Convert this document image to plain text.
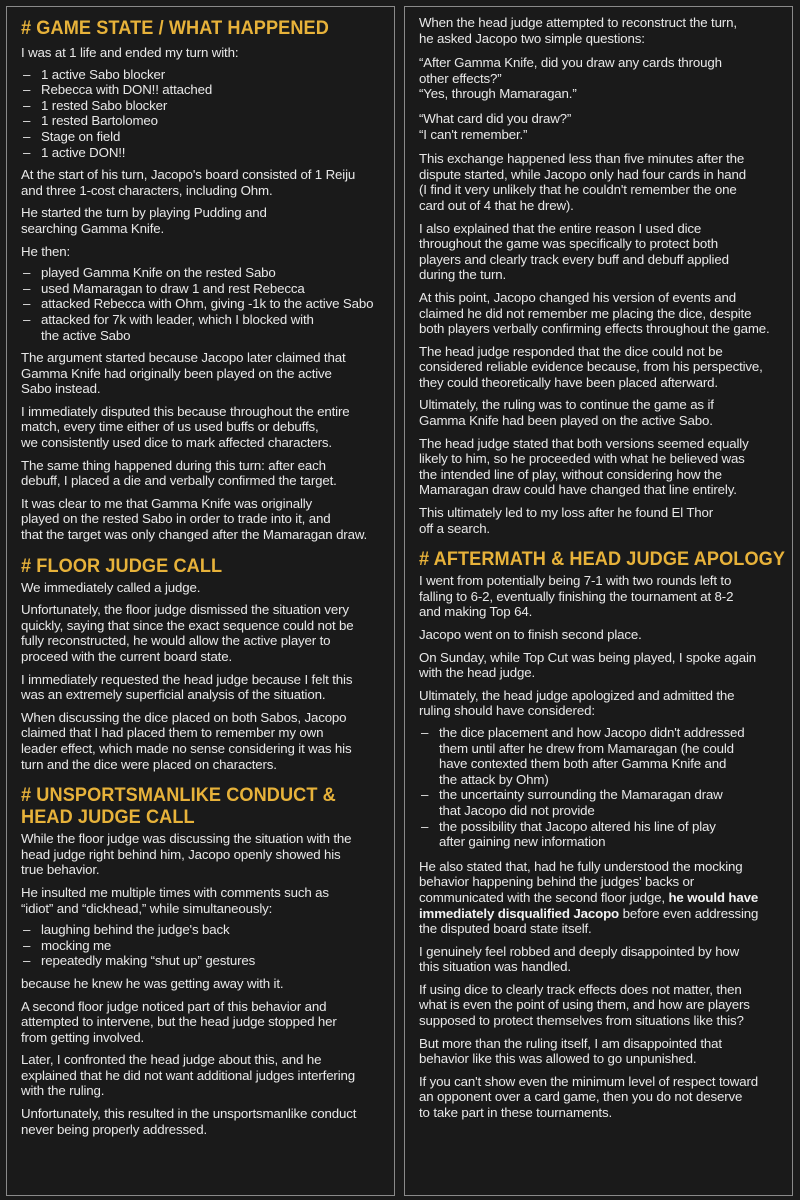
# GAME STATE / WHAT HAPPENED

I was at 1 life and ended my turn with:

– 1 active Sabo blocker
– Rebecca with DON!! attached
– 1 rested Sabo blocker
– 1 rested Bartolomeo
– Stage on field
– 1 active DON!!

At the start of his turn, Jacopo's board consisted of 1 Reiju
and three 1-cost characters, including Ohm.

He started the turn by playing Pudding and
searching Gamma Knife.

He then:

– played Gamma Knife on the rested Sabo
– used Mamaragan to draw 1 and rest Rebecca
– attacked Rebecca with Ohm, giving -1k to the active Sabo
– attacked for 7k with leader, which I blocked with
the active Sabo

The argument started because Jacopo later claimed that
Gamma Knife had originally been played on the active
Sabo instead.

I immediately disputed this because throughout the entire
match, every time either of us used buffs or debuffs,
we consistently used dice to mark affected characters.

The same thing happened during this turn: after each
debuff, I placed a die and verbally confirmed the target.

It was clear to me that Gamma Knife was originally
played on the rested Sabo in order to trade into it, and
that the target was only changed after the Mamaragan draw.

# FLOOR JUDGE CALL

We immediately called a judge.

Unfortunately, the floor judge dismissed the situation very
quickly, saying that since the exact sequence could not be
fully reconstructed, he would allow the active player to
proceed with the current board state.

I immediately requested the head judge because I felt this
was an extremely superficial analysis of the situation.

When discussing the dice placed on both Sabos, Jacopo
claimed that I had placed them to remember my own
leader effect, which made no sense considering it was his
turn and the dice were placed on characters.

# UNSPORTSMANLIKE CONDUCT &
HEAD JUDGE CALL

While the floor judge was discussing the situation with the
head judge right behind him, Jacopo openly showed his
true behavior.

He insulted me multiple times with comments such as
“idiot” and “dickhead,” while simultaneously:

– laughing behind the judge's back
– mocking me
– repeatedly making “shut up” gestures

because he knew he was getting away with it.

A second floor judge noticed part of this behavior and
attempted to intervene, but the head judge stopped her
from getting involved.

Later, I confronted the head judge about this, and he
explained that he did not want additional judges interfering
with the ruling.

Unfortunately, this resulted in the unsportsmanlike conduct
never being properly addressed.

When the head judge attempted to reconstruct the turn,
he asked Jacopo two simple questions:

“After Gamma Knife, did you draw any cards through
other effects?”
“Yes, through Mamaragan.”

“What card did you draw?”
“I can't remember.”

This exchange happened less than five minutes after the
dispute started, while Jacopo only had four cards in hand
(I find it very unlikely that he couldn't remember the one
card out of 4 that he drew).

I also explained that the entire reason I used dice
throughout the game was specifically to protect both
players and clearly track every buff and debuff applied
during the turn.

At this point, Jacopo changed his version of events and
claimed he did not remember me placing the dice, despite
both players verbally confirming effects throughout the game.

The head judge responded that the dice could not be
considered reliable evidence because, from his perspective,
they could theoretically have been placed afterward.

Ultimately, the ruling was to continue the game as if
Gamma Knife had been played on the active Sabo.

The head judge stated that both versions seemed equally
likely to him, so he proceeded with what he believed was
the intended line of play, without considering how the
Mamaragan draw could have changed that line entirely.

This ultimately led to my loss after he found El Thor
off a search.

# AFTERMATH & HEAD JUDGE APOLOGY

I went from potentially being 7-1 with two rounds left to
falling to 6-2, eventually finishing the tournament at 8-2
and making Top 64.

Jacopo went on to finish second place.

On Sunday, while Top Cut was being played, I spoke again
with the head judge.

Ultimately, the head judge apologized and admitted the
ruling should have considered:

– the dice placement and how Jacopo didn't addressed
them until after he drew from Mamaragan (he could
have contexted them both after Gamma Knife and
the attack by Ohm)
– the uncertainty surrounding the Mamaragan draw
that Jacopo did not provide
– the possibility that Jacopo altered his line of play
after gaining new information

He also stated that, had he fully understood the mocking
behavior happening behind the judges' backs or
communicated with the second floor judge, he would have
immediately disqualified Jacopo before even addressing
the disputed board state itself.

I genuinely feel robbed and deeply disappointed by how
this situation was handled.

If using dice to clearly track effects does not matter, then
what is even the point of using them, and how are players
supposed to protect themselves from situations like this?

But more than the ruling itself, I am disappointed that
behavior like this was allowed to go unpunished.

If you can't show even the minimum level of respect toward
an opponent over a card game, then you do not deserve
to take part in these tournaments.
